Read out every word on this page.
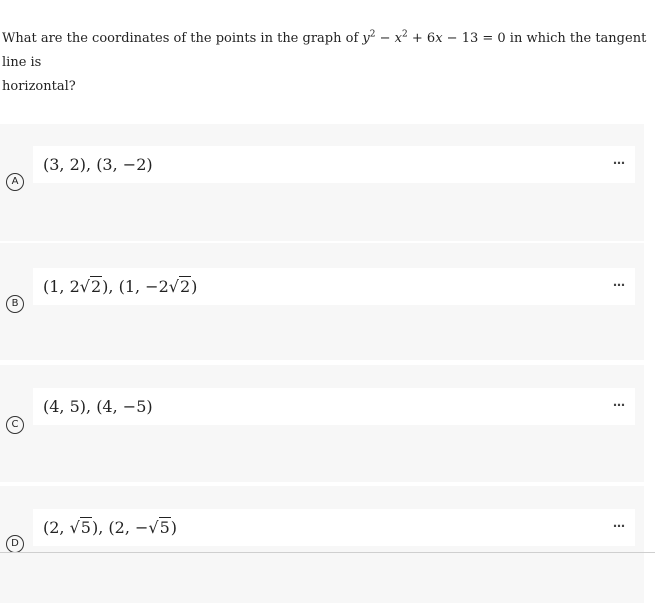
What are the coordinates of the points in the graph of $y^2 - x^2 + 6x - 13 = 0$ in which the tangent line is
horizontal?
(3, 2), (3, −2)	⋯
A
(1, 2√2), (1, −2√2)	⋯
B
(4, 5), (4, −5)	⋯
C
(2, √5), (2, −√5)	⋯
D
